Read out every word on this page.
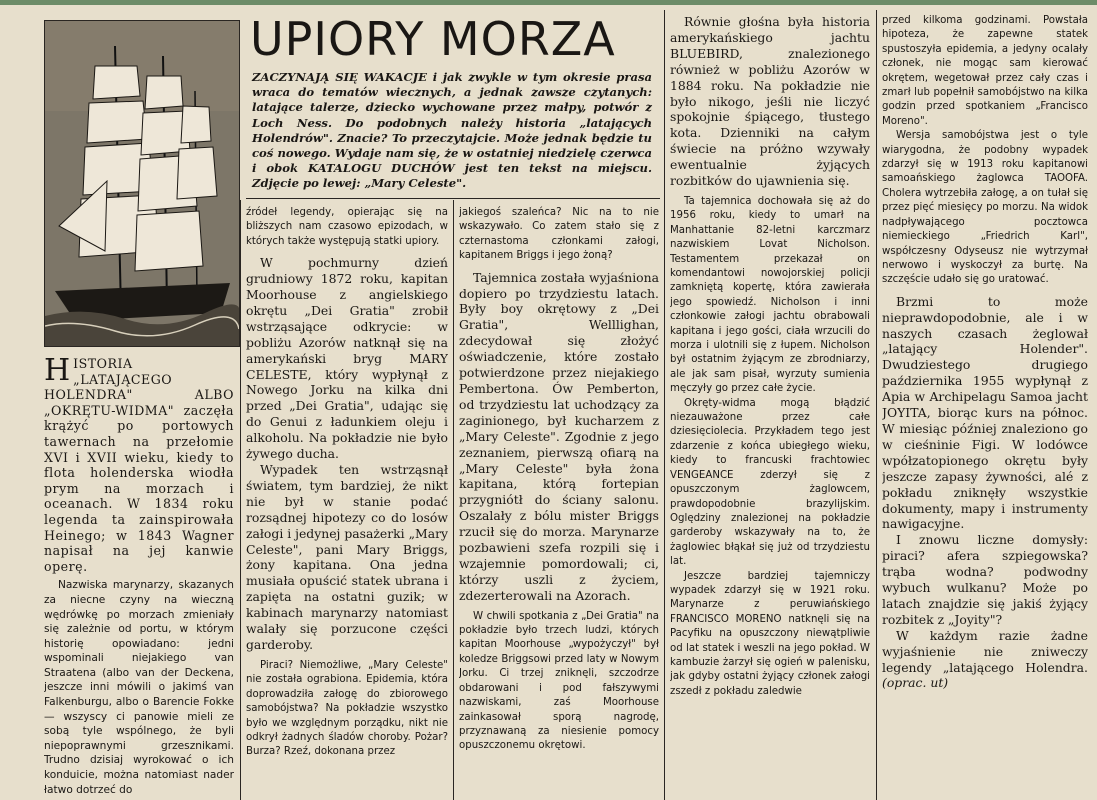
UPIORY MORZA
ZACZYNAJĄ SIĘ WAKACJE i jak zwykle w tym okresie prasa wraca do tematów wiecznych, a jednak zawsze czytanych: latające talerze, dziecko wychowane przez małpy, potwór z Loch Ness. Do podobnych należy historia „latających Holendrów". Znacie? To przeczytajcie. Może jednak będzie tu coś nowego. Wydaje nam się, że w ostatniej niedzielę czerwca i obok KATALOGU DUCHÓW jest ten tekst na miejscu. Zdjęcie po lewej: „Mary Celeste".
HISTORIA „LATAJĄCEGO HOLENDRA" ALBO „OKRĘTU-WIDMA" zaczęła krążyć po portowych tawernach na przełomie XVI i XVII wieku, kiedy to flota holenderska wiodła prym na morzach i oceanach. W 1834 roku legenda ta zainspirowała Heinego; w 1843 Wagner napisał na jej kanwie operę.

Nazwiska marynarzy, skazanych za niecne czyny na wieczną wędrówkę po morzach zmieniały się zależnie od portu, w którym historię opowiadano: jedni wspominali niejakiego van Straatena (albo van der Deckena, jeszcze inni mówili o jakimś van Falkenburgu, albo o Barencie Fokke — wszyscy ci panowie mieli ze sobą tyle wspólnego, że byli niepoprawnymi grzesznikami. Trudno dzisiaj wyrokować o ich konduicie, można natomiast nader łatwo dotrzeć do

źródeł legendy, opierając się na bliższych nam czasowo epizodach, w których także występują statki upiory.

W pochmurny dzień grudniowy 1872 roku, kapitan Moorhouse z angielskiego okrętu „Dei Gratia" zrobił wstrząsające odkrycie: w pobliżu Azorów natknął się na amerykański bryg MARY CELESTE, który wypłynął z Nowego Jorku na kilka dni przed „Dei Gratia", udając się do Genui z ładunkiem oleju i alkoholu. Na pokładzie nie było żywego ducha.

Wypadek ten wstrząsnął światem, tym bardziej, że nikt nie był w stanie podać rozsądnej hipotezy co do losów załogi i jedynej pasażerki „Mary Celeste", pani Mary Briggs, żony kapitana. Ona jedna musiała opuścić statek ubrana i zapięta na ostatni guzik; w kabinach marynarzy natomiast walały się porzucone części garderoby.

Piraci? Niemożliwe, „Mary Celeste" nie została ograbiona. Epidemia, która doprowadziła załogę do zbiorowego samobójstwa? Na pokładzie wszystko było we względnym porządku, nikt nie odkrył żadnych śladów choroby. Pożar? Burza? Rzeź, dokonana przez

jakiegoś szaleńca? Nic na to nie wskazywało. Co zatem stało się z czternastoma członkami załogi, kapitanem Briggs i jego żoną?

Tajemnica została wyjaśniona dopiero po trzydziestu latach. Były boy okrętowy z „Dei Gratia", Welllighan, zdecydował się złożyć oświadczenie, które zostało potwierdzone przez niejakiego Pembertona. Ów Pemberton, od trzydziestu lat uchodzący za zaginionego, był kucharzem z „Mary Celeste". Zgodnie z jego zeznaniem, pierwszą ofiarą na „Mary Celeste" była żona kapitana, którą fortepian przygniótł do ściany salonu. Oszalały z bólu mister Briggs rzucił się do morza. Marynarze pozbawieni szefa rozpili się i wzajemnie pomordowali; ci, którzy uszli z życiem, zdezerterowali na Azorach.

W chwili spotkania z „Dei Gratia" na pokładzie było trzech ludzi, których kapitan Moorhouse „wypożyczył" był koledze Briggsowi przed laty w Nowym Jorku. Ci trzej zniknęli, szczodrze obdarowani i pod fałszywymi nazwiskami, zaś Moorhouse zainkasował sporą nagrodę, przyznawaną za niesienie pomocy opuszczonemu okrętowi.

Równie głośna była historia amerykańskiego jachtu BLUEBIRD, znalezionego również w pobliżu Azorów w 1884 roku. Na pokładzie nie było nikogo, jeśli nie liczyć spokojnie śpiącego, tłustego kota. Dzienniki na całym świecie na próżno wzywały ewentualnie żyjących rozbitków do ujawnienia się.

Ta tajemnica dochowała się aż do 1956 roku, kiedy to umarł na Manhattanie 82-letni karczmarz nazwiskiem Lovat Nicholson. Testamentem przekazał on komendantowi nowojorskiej policji zamkniętą kopertę, która zawierała jego spowiedź. Nicholson i inni członkowie załogi jachtu obrabowali kapitana i jego gości, ciała wrzucili do morza i ulotnili się z łupem. Nicholson był ostatnim żyjącym ze zbrodniarzy, ale jak sam pisał, wyrzuty sumienia męczyły go przez całe życie.

Okręty-widma mogą błądzić niezauważone przez całe dziesięciolecia. Przykładem tego jest zdarzenie z końca ubiegłego wieku, kiedy to francuski frachtowiec VENGEANCE zderzył się z opuszczonym żaglowcem, prawdopodobnie brazylijskim. Oględziny znalezionej na pokładzie garderoby wskazywały na to, że żaglowiec błąkał się już od trzydziestu lat.

Jeszcze bardziej tajemniczy wypadek zdarzył się w 1921 roku. Marynarze z peruwiańskiego FRANCISCO MORENO natknęli się na Pacyfiku na opuszczony niewątpliwie od lat statek i weszli na jego pokład. W kambuzie żarzył się ogień w palenisku, jak gdyby ostatni żyjący członek załogi zszedł z pokładu zaledwie

przed kilkoma godzinami. Powstała hipoteza, że zapewne statek spustoszyła epidemia, a jedyny ocalały członek, nie mogąc sam kierować okrętem, wegetował przez cały czas i zmarł lub popełnił samobójstwo na kilka godzin przed spotkaniem „Francisco Moreno".

Wersja samobójstwa jest o tyle wiarygodna, że podobny wypadek zdarzył się w 1913 roku kapitanowi samoańskiego żaglowca TAOOFA. Cholera wytrzebiła załogę, a on tułał się przez pięć miesięcy po morzu. Na widok nadpływającego pocztowca niemieckiego „Friedrich Karl", współczesny Odyseusz nie wytrzymał nerwowo i wyskoczył za burtę. Na szczęście udało się go uratować.

Brzmi to może nieprawdopodobnie, ale i w naszych czasach żeglował „latający Holender". Dwudziestego drugiego października 1955 wypłynął z Apia w Archipelagu Samoa jacht JOYITA, biorąc kurs na północ. W miesiąc później znaleziono go w cieśninie Figi. W lodówce wpółzatopionego okrętu były jeszcze zapasy żywności, alé z pokładu zniknęły wszystkie dokumenty, mapy i instrumenty nawigacyjne.

I znowu liczne domysły: piraci? afera szpiegowska? trąba wodna? podwodny wybuch wulkanu? Może po latach znajdzie się jakiś żyjący rozbitek z „Joyity"?

W każdym razie żadne wyjaśnienie nie zniweczy legendy „latającego Holendra. (oprac. ut)
